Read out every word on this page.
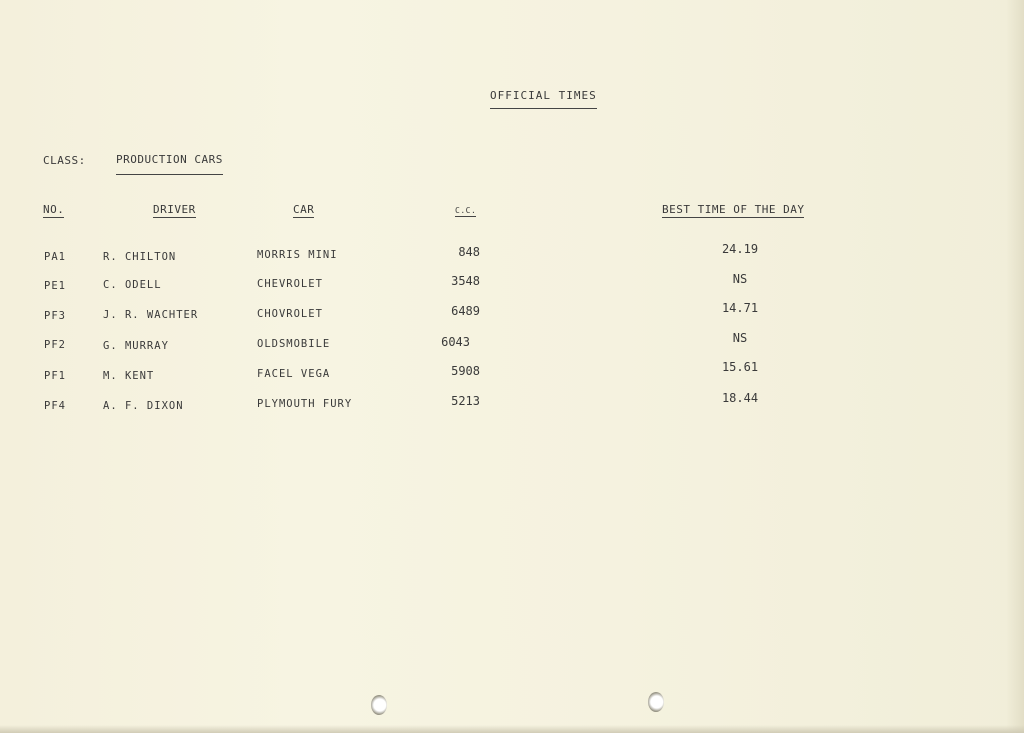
OFFICIAL TIMES
CLASS:	PRODUCTION CARS
NO.	DRIVER	CAR	C.C.	BEST TIME OF THE DAY
PA1	R. CHILTON	MORRIS MINI	848	24.19
PE1	C. ODELL	CHEVROLET	3548	NS
PF3	J. R. WACHTER	CHOVROLET	6489	14.71
PF2	G. MURRAY	OLDSMOBILE	6043	NS
PF1	M. KENT	FACEL VEGA	5908	15.61
PF4	A. F. DIXON	PLYMOUTH FURY	5213	18.44
